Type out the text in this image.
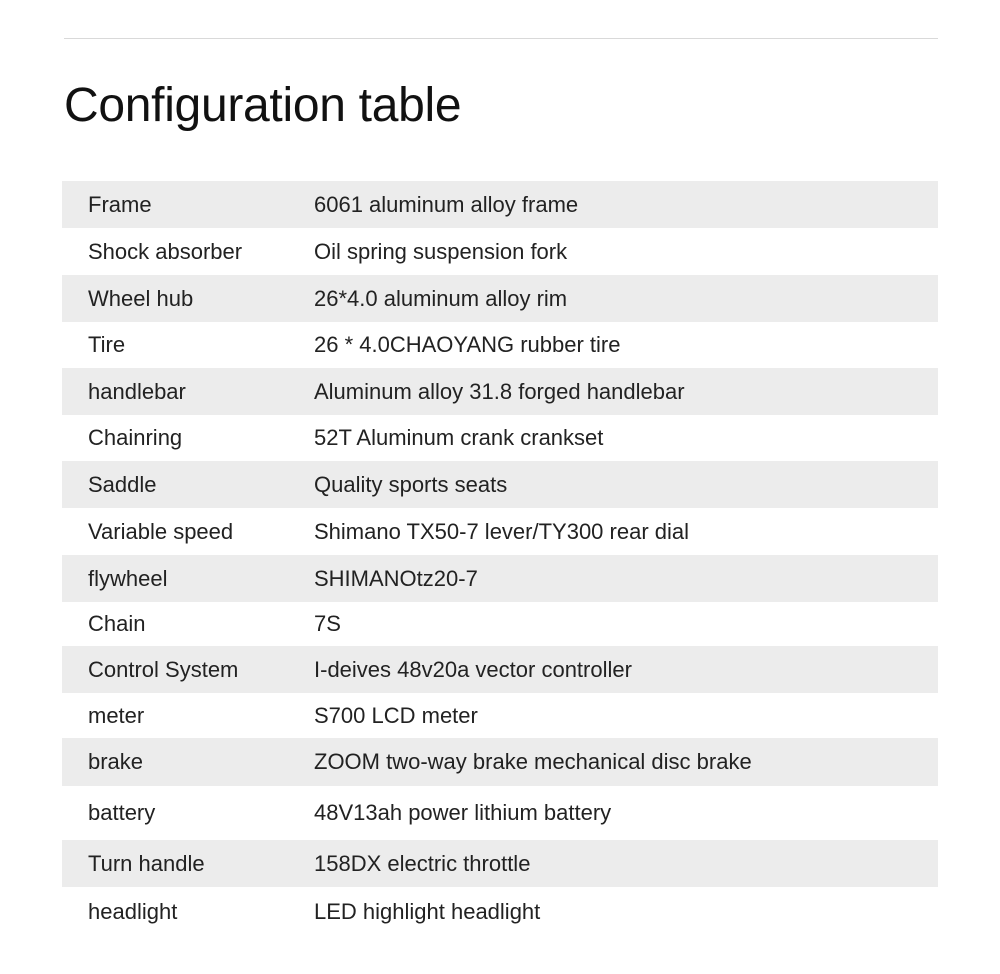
Configuration table
Frame	6061 aluminum alloy frame
Shock absorber	Oil spring suspension fork
Wheel hub	26*4.0 aluminum alloy rim
Tire	26 * 4.0CHAOYANG rubber tire
handlebar	Aluminum alloy 31.8 forged handlebar
Chainring	52T Aluminum crank crankset
Saddle	Quality sports seats
Variable speed	Shimano TX50-7 lever/TY300 rear dial
flywheel	SHIMANOtz20-7
Chain	7S
Control System	I-deives 48v20a vector controller
meter	S700 LCD meter
brake	ZOOM two-way brake mechanical disc brake
battery	48V13ah power lithium battery
Turn handle	158DX electric throttle
headlight	LED highlight headlight
